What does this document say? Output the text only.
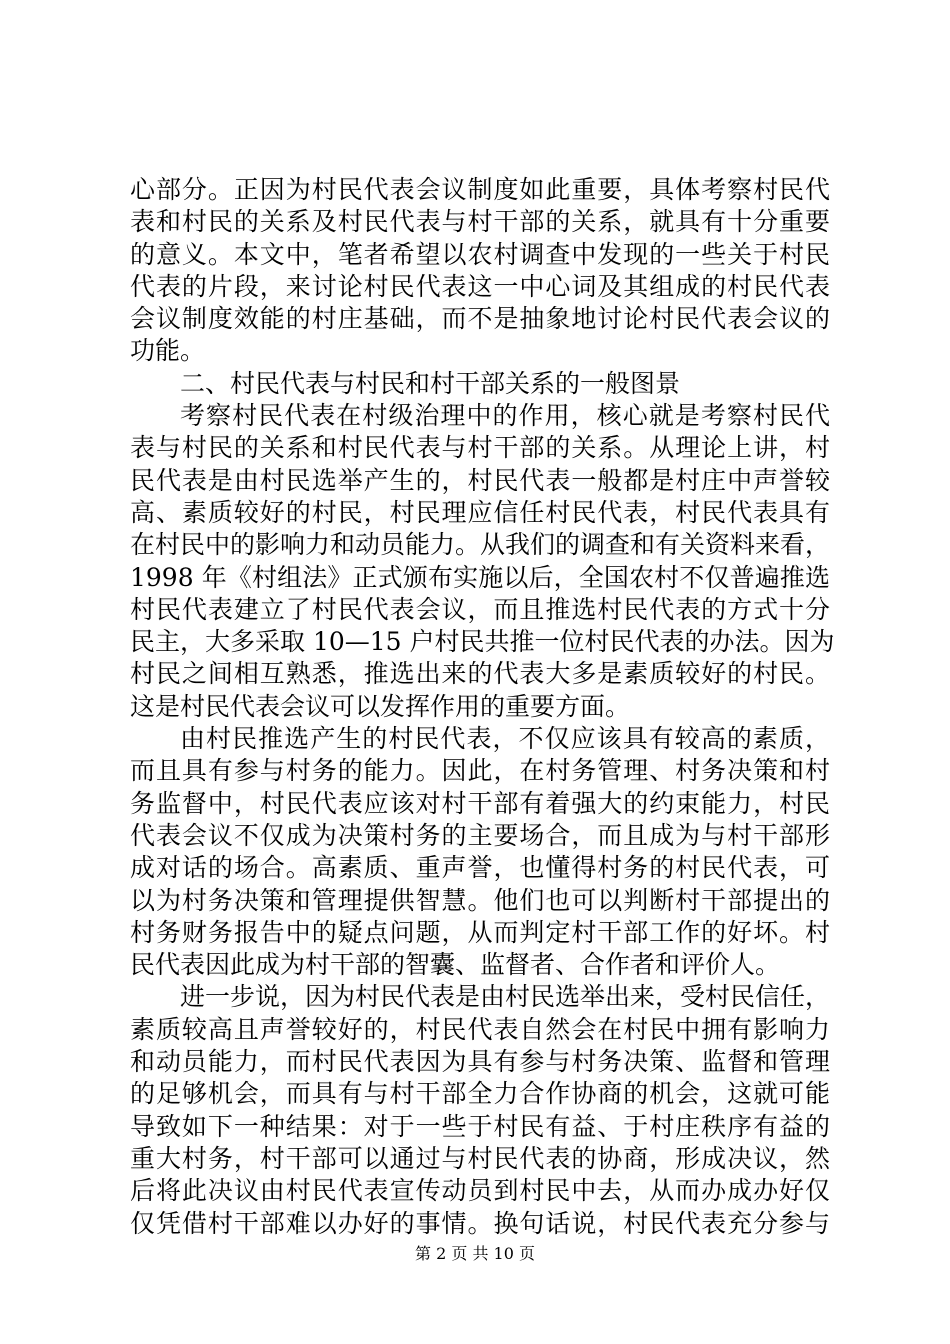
心部分。正因为村民代表会议制度如此重要，具体考察村民代
表和村民的关系及村民代表与村干部的关系，就具有十分重要
的意义。本文中，笔者希望以农村调查中发现的一些关于村民
代表的片段，来讨论村民代表这一中心词及其组成的村民代表
会议制度效能的村庄基础，而不是抽象地讨论村民代表会议的
功能。
二、村民代表与村民和村干部关系的一般图景
考察村民代表在村级治理中的作用，核心就是考察村民代
表与村民的关系和村民代表与村干部的关系。从理论上讲，村
民代表是由村民选举产生的，村民代表一般都是村庄中声誉较
高、素质较好的村民，村民理应信任村民代表，村民代表具有
在村民中的影响力和动员能力。从我们的调查和有关资料来看，
1998 年《村组法》正式颁布实施以后，全国农村不仅普遍推选
村民代表建立了村民代表会议，而且推选村民代表的方式十分
民主，大多采取 10—15 户村民共推一位村民代表的办法。因为
村民之间相互熟悉，推选出来的代表大多是素质较好的村民。
这是村民代表会议可以发挥作用的重要方面。
由村民推选产生的村民代表，不仅应该具有较高的素质，
而且具有参与村务的能力。因此，在村务管理、村务决策和村
务监督中，村民代表应该对村干部有着强大的约束能力，村民
代表会议不仅成为决策村务的主要场合，而且成为与村干部形
成对话的场合。高素质、重声誉，也懂得村务的村民代表，可
以为村务决策和管理提供智慧。他们也可以判断村干部提出的
村务财务报告中的疑点问题，从而判定村干部工作的好坏。村
民代表因此成为村干部的智囊、监督者、合作者和评价人。
进一步说，因为村民代表是由村民选举出来，受村民信任，
素质较高且声誉较好的，村民代表自然会在村民中拥有影响力
和动员能力，而村民代表因为具有参与村务决策、监督和管理
的足够机会，而具有与村干部全力合作协商的机会，这就可能
导致如下一种结果：对于一些于村民有益、于村庄秩序有益的
重大村务，村干部可以通过与村民代表的协商，形成决议，然
后将此决议由村民代表宣传动员到村民中去，从而办成办好仅
仅凭借村干部难以办好的事情。换句话说，村民代表充分参与
第 2 页 共 10 页
